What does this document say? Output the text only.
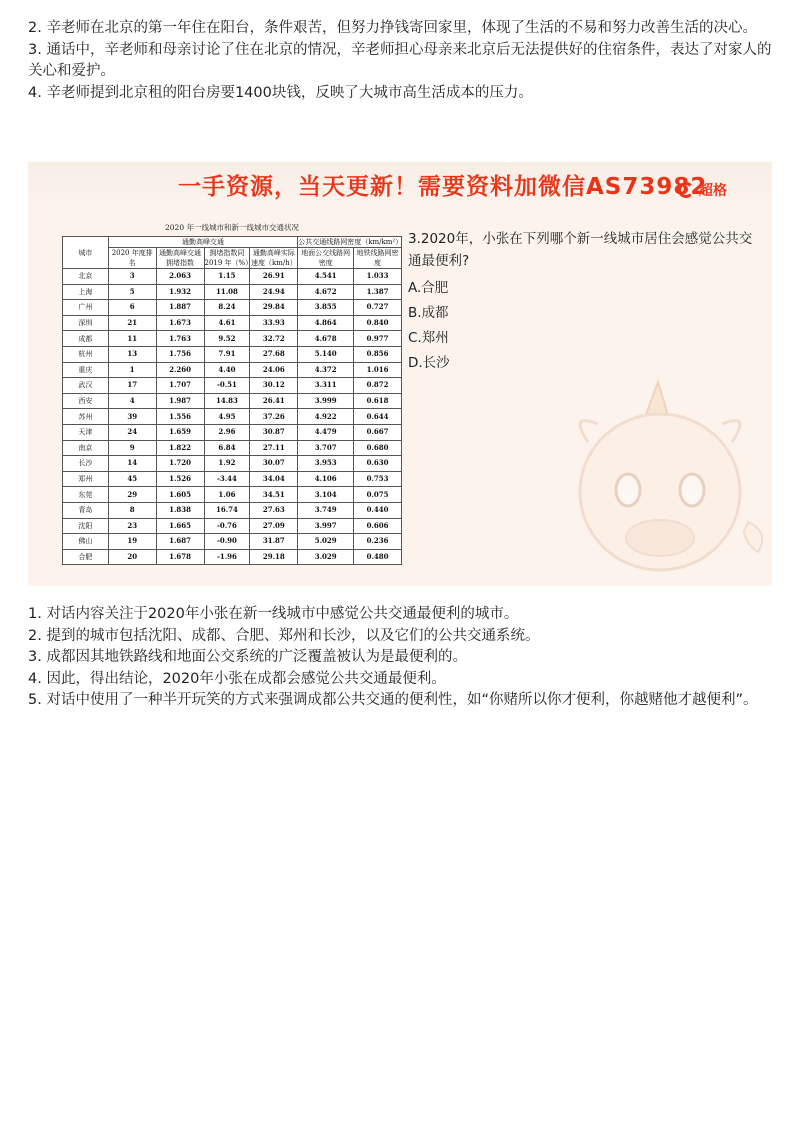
2. 辛老师在北京的第一年住在阳台，条件艰苦，但努力挣钱寄回家里，体现了生活的不易和努力改善生活的决心。

3. 通话中，辛老师和母亲讨论了住在北京的情况，辛老师担心母亲来北京后无法提供好的住宿条件，表达了对家人的关心和爱护。

4. 辛老师提到北京租的阳台房要1400块钱，反映了大城市高生活成本的压力。

一手资源，当天更新！需要资料加微信AS73982
超格
2020 年一线城市和新一线城市交通状况
城市	通勤高峰交通				公共交通线路网密度（km/km²）	
	2020 年度排名	通勤高峰交通拥堵指数	拥堵指数同 2019 年（%）	通勤高峰实际速度（km/h）	地面公交线路网密度	地铁线路网密度
北京	3	2.063	1.15	26.91	4.541	1.033
上海	5	1.932	11.08	24.94	4.672	1.387
广州	6	1.887	8.24	29.84	3.855	0.727
深圳	21	1.673	4.61	33.93	4.864	0.840
成都	11	1.763	9.52	32.72	4.678	0.977
杭州	13	1.756	7.91	27.68	5.140	0.856
重庆	1	2.260	4.40	24.06	4.372	1.016
武汉	17	1.707	-0.51	30.12	3.311	0.872
西安	4	1.987	14.83	26.41	3.999	0.618
苏州	39	1.556	4.95	37.26	4.922	0.644
天津	24	1.659	2.96	30.87	4.479	0.667
南京	9	1.822	6.84	27.11	3.707	0.680
长沙	14	1.720	1.92	30.07	3.953	0.630
郑州	45	1.526	-3.44	34.04	4.106	0.753
东莞	29	1.605	1.06	34.51	3.104	0.075
青岛	8	1.838	16.74	27.63	3.749	0.440
沈阳	23	1.665	-0.76	27.09	3.997	0.606
佛山	19	1.687	-0.90	31.87	5.029	0.236
合肥	20	1.678	-1.96	29.18	3.029	0.480

3.2020年，小张在下列哪个新一线城市居住会感觉公共交通最便利?

A.合肥
B.成都
C.郑州
D.长沙

1. 对话内容关注于2020年小张在新一线城市中感觉公共交通最便利的城市。

2. 提到的城市包括沈阳、成都、合肥、郑州和长沙，以及它们的公共交通系统。

3. 成都因其地铁路线和地面公交系统的广泛覆盖被认为是最便利的。

4. 因此，得出结论，2020年小张在成都会感觉公共交通最便利。

5. 对话中使用了一种半开玩笑的方式来强调成都公共交通的便利性，如“你赌所以你才便利，你越赌他才越便利”。
